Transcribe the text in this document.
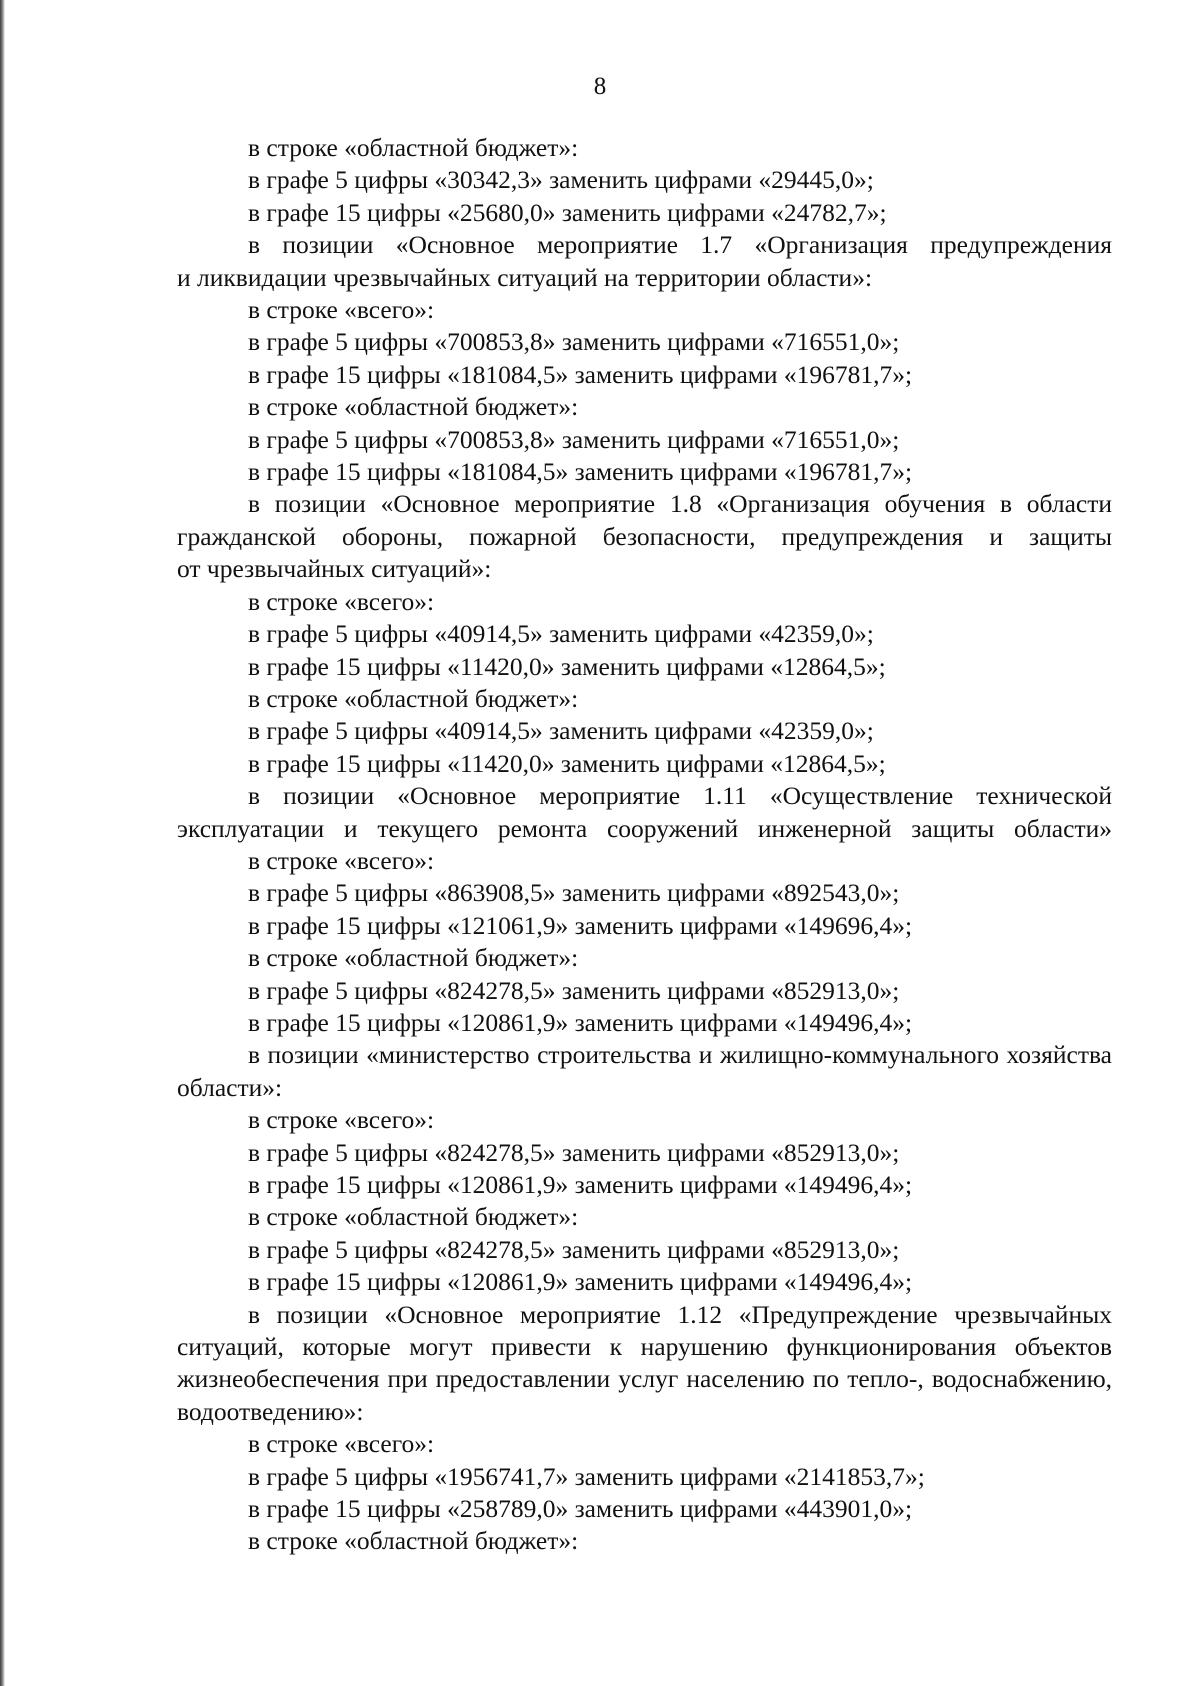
8
в строке «областной бюджет»:
в графе 5 цифры «30342,3» заменить цифрами «29445,0»;
в графе 15 цифры «25680,0» заменить цифрами «24782,7»;
в позиции «Основное мероприятие 1.7 «Организация предупреждения
и ликвидации чрезвычайных ситуаций на территории области»:
в строке «всего»:
в графе 5 цифры «700853,8» заменить цифрами «716551,0»;
в графе 15 цифры «181084,5» заменить цифрами «196781,7»;
в строке «областной бюджет»:
в графе 5 цифры «700853,8» заменить цифрами «716551,0»;
в графе 15 цифры «181084,5» заменить цифрами «196781,7»;
в позиции «Основное мероприятие 1.8 «Организация обучения в области
гражданской обороны, пожарной безопасности, предупреждения и защиты
от чрезвычайных ситуаций»:
в строке «всего»:
в графе 5 цифры «40914,5» заменить цифрами «42359,0»;
в графе 15 цифры «11420,0» заменить цифрами «12864,5»;
в строке «областной бюджет»:
в графе 5 цифры «40914,5» заменить цифрами «42359,0»;
в графе 15 цифры «11420,0» заменить цифрами «12864,5»;
в позиции «Основное мероприятие 1.11 «Осуществление технической
эксплуатации и текущего ремонта сооружений инженерной защиты области»
в строке «всего»:
в графе 5 цифры «863908,5» заменить цифрами «892543,0»;
в графе 15 цифры «121061,9» заменить цифрами «149696,4»;
в строке «областной бюджет»:
в графе 5 цифры «824278,5» заменить цифрами «852913,0»;
в графе 15 цифры «120861,9» заменить цифрами «149496,4»;
в позиции «министерство строительства и жилищно-коммунального хозяйства
области»:
в строке «всего»:
в графе 5 цифры «824278,5» заменить цифрами «852913,0»;
в графе 15 цифры «120861,9» заменить цифрами «149496,4»;
в строке «областной бюджет»:
в графе 5 цифры «824278,5» заменить цифрами «852913,0»;
в графе 15 цифры «120861,9» заменить цифрами «149496,4»;
в позиции «Основное мероприятие 1.12 «Предупреждение чрезвычайных
ситуаций, которые могут привести к нарушению функционирования объектов
жизнеобеспечения при предоставлении услуг населению по тепло-, водоснабжению,
водоотведению»:
в строке «всего»:
в графе 5 цифры «1956741,7» заменить цифрами «2141853,7»;
в графе 15 цифры «258789,0» заменить цифрами «443901,0»;
в строке «областной бюджет»:
